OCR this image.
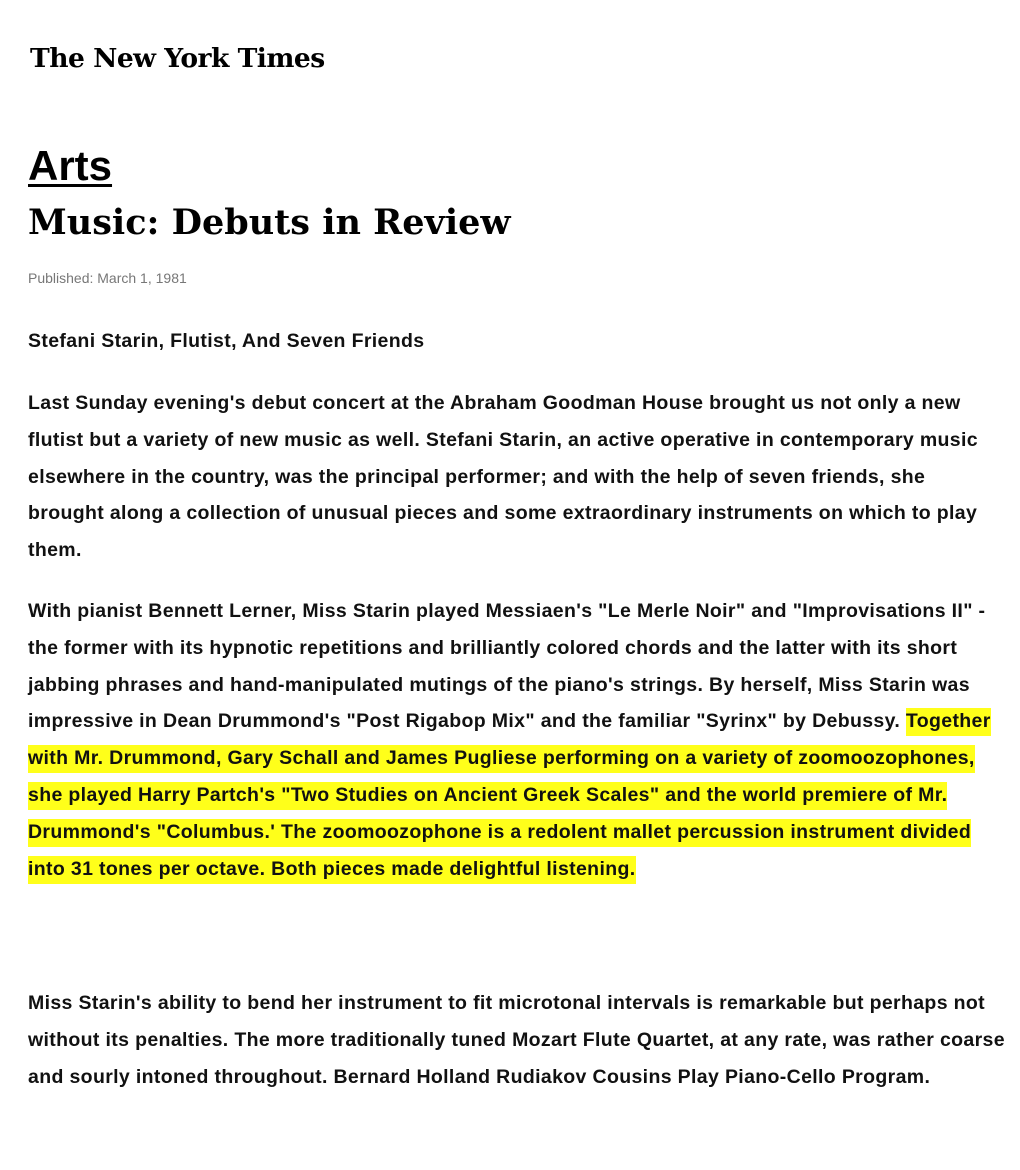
The New York Times
Arts
Music: Debuts in Review
Published: March 1, 1981
Stefani Starin, Flutist, And Seven Friends

Last Sunday evening's debut concert at the Abraham Goodman House brought us not only a new flutist but a variety of new music as well. Stefani Starin, an active operative in contemporary music elsewhere in the country, was the principal performer; and with the help of seven friends, she brought along a collection of unusual pieces and some extraordinary instruments on which to play them.

With pianist Bennett Lerner, Miss Starin played Messiaen's "Le Merle Noir" and "Improvisations II" - the former with its hypnotic repetitions and brilliantly colored chords and the latter with its short jabbing phrases and hand-manipulated mutings of the piano's strings. By herself, Miss Starin was impressive in Dean Drummond's "Post Rigabop Mix" and the familiar "Syrinx" by Debussy. Together with Mr. Drummond, Gary Schall and James Pugliese performing on a variety of zoomoozophones, she played Harry Partch's "Two Studies on Ancient Greek Scales" and the world premiere of Mr. Drummond's "Columbus.' The zoomoozophone is a redolent mallet percussion instrument divided into 31 tones per octave. Both pieces made delightful listening.

Miss Starin's ability to bend her instrument to fit microtonal intervals is remarkable but perhaps not without its penalties. The more traditionally tuned Mozart Flute Quartet, at any rate, was rather coarse and sourly intoned throughout. Bernard Holland Rudiakov Cousins Play Piano-Cello Program.
